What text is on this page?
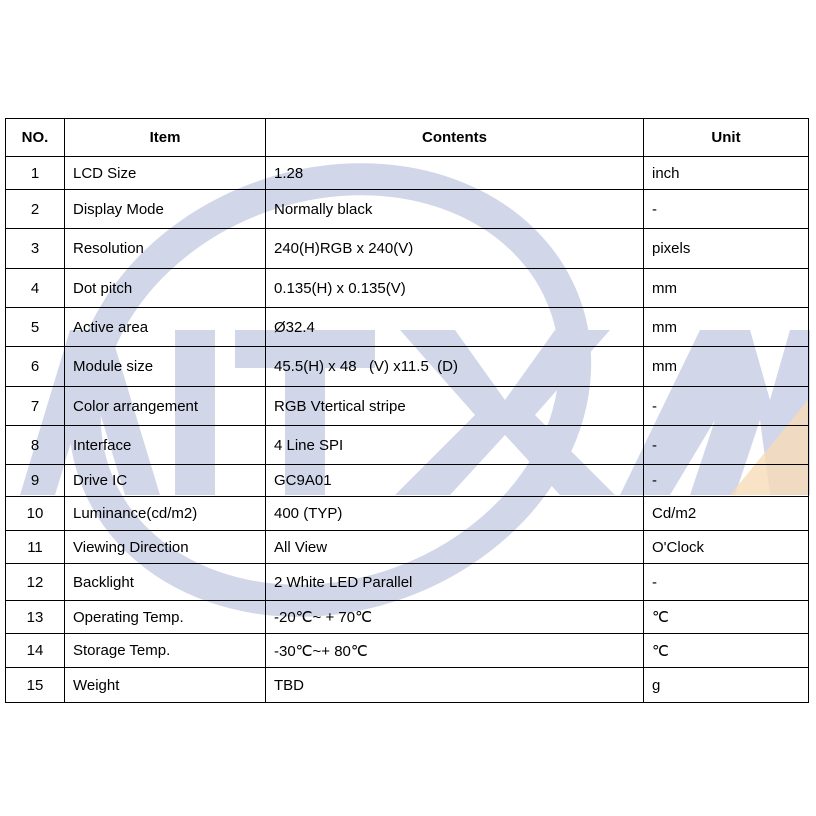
NO.	Item	Contents	Unit
1	LCD Size	1.28	inch
2	Display Mode	Normally black	-
3	Resolution	240(H)RGB x 240(V)	pixels
4	Dot pitch	0.135(H) x 0.135(V)	mm
5	Active area	Ø32.4	mm
6	Module size	45.5(H) x 48   (V) x11.5  (D)	mm
7	Color arrangement	RGB Vtertical stripe	-
8	Interface	4 Line SPI	-
9	Drive IC	GC9A01	-
10	Luminance(cd/m2)	400 (TYP)	Cd/m2
11	Viewing Direction	All View	O'Clock
12	Backlight	2 White LED Parallel	-
13	Operating Temp.	-20℃~ + 70℃	℃
14	Storage Temp.	-30℃~+ 80℃	℃
15	Weight	TBD	g
